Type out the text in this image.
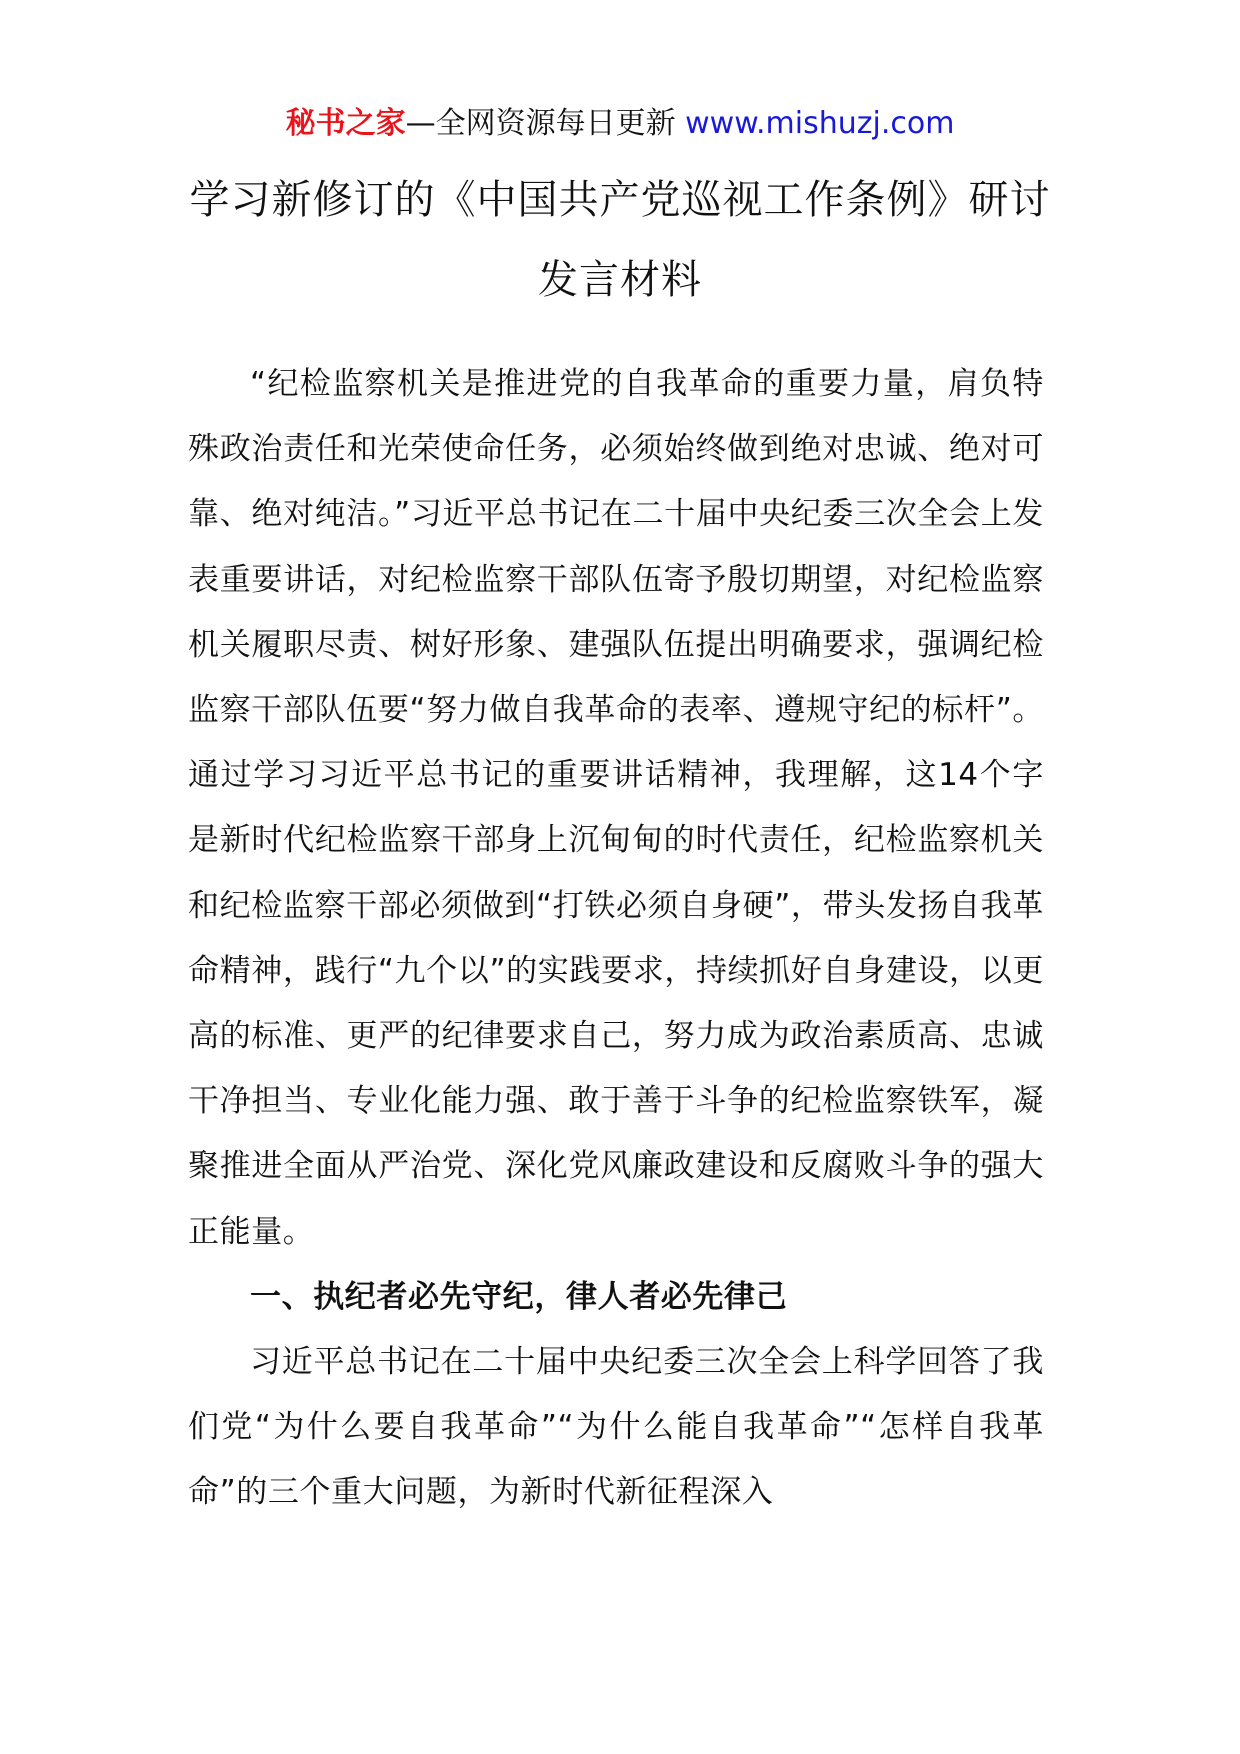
秘书之家—全网资源每日更新 www.mishuzj.com
学习新修订的《中国共产党巡视工作条例》研讨发言材料

“纪检监察机关是推进党的自我革命的重要力量，肩负特殊政治责任和光荣使命任务，必须始终做到绝对忠诚、绝对可靠、绝对纯洁。”习近平总书记在二十届中央纪委三次全会上发表重要讲话，对纪检监察干部队伍寄予殷切期望，对纪检监察机关履职尽责、树好形象、建强队伍提出明确要求，强调纪检监察干部队伍要“努力做自我革命的表率、遵规守纪的标杆”。通过学习习近平总书记的重要讲话精神，我理解，这14个字是新时代纪检监察干部身上沉甸甸的时代责任，纪检监察机关和纪检监察干部必须做到“打铁必须自身硬”，带头发扬自我革命精神，践行“九个以”的实践要求，持续抓好自身建设，以更高的标准、更严的纪律要求自己，努力成为政治素质高、忠诚干净担当、专业化能力强、敢于善于斗争的纪检监察铁军，凝聚推进全面从严治党、深化党风廉政建设和反腐败斗争的强大正能量。

一、执纪者必先守纪，律人者必先律己

习近平总书记在二十届中央纪委三次全会上科学回答了我们党“为什么要自我革命”“为什么能自我革命”“怎样自我革命”的三个重大问题，为新时代新征程深入
